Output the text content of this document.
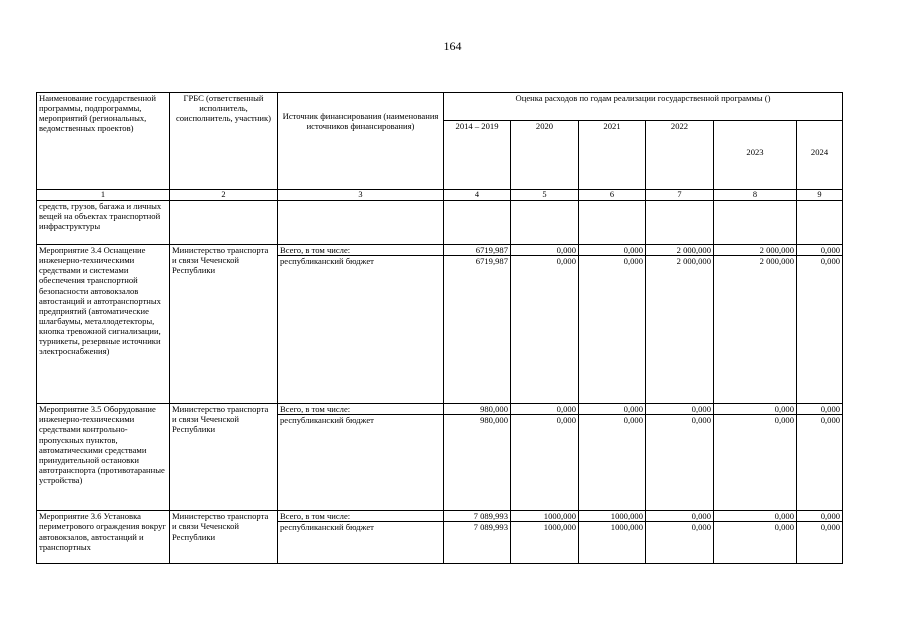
164
Наименование государственной программы, подпрограммы, мероприятий (региональных, ведомственных проектов)	ГРБС (ответственный исполнитель, соисполнитель, участник)	Источник финансирования (наименования источников финансирования)	Оценка расходов по годам реализации государственной программы ()					
			2014 – 2019	2020	2021	2022	2023	2024
1	2	3	4	5	6	7	8	9
средств, грузов, багажа и личных вещей на объектах транспортной инфраструктуры								
Мероприятие 3.4 Оснащение инженерно-техническими средствами и системами обеспечения транспортной безопасности автовокзалов автостанций и автотранспортных предприятий (автоматические шлагбаумы, металлодетекторы, кнопка тревожной сигнализации, турникеты, резервные источники электроснабжения)	Министерство транспорта и связи Чеченской Республики	Всего, в том числе:	6719,987	0,000	0,000	2 000,000	2 000,000	0,000
		республиканский бюджет	6719,987	0,000	0,000	2 000,000	2 000,000	0,000
Мероприятие 3.5 Оборудование инженерно-техническими средствами контрольно-пропускных пунктов, автоматическими средствами принудительной остановки автотранспорта (противотаранные устройства)	Министерство транспорта и связи Чеченской Республики	Всего, в том числе:	980,000	0,000	0,000	0,000	0,000	0,000
		республиканский бюджет	980,000	0,000	0,000	0,000	0,000	0,000
Мероприятие 3.6 Установка периметрового ограждения вокруг автовокзалов, автостанций и транспортных	Министерство транспорта и связи Чеченской Республики	Всего, в том числе:	7 089,993	1000,000	1000,000	0,000	0,000	0,000
		республиканский бюджет	7 089,993	1000,000	1000,000	0,000	0,000	0,000
